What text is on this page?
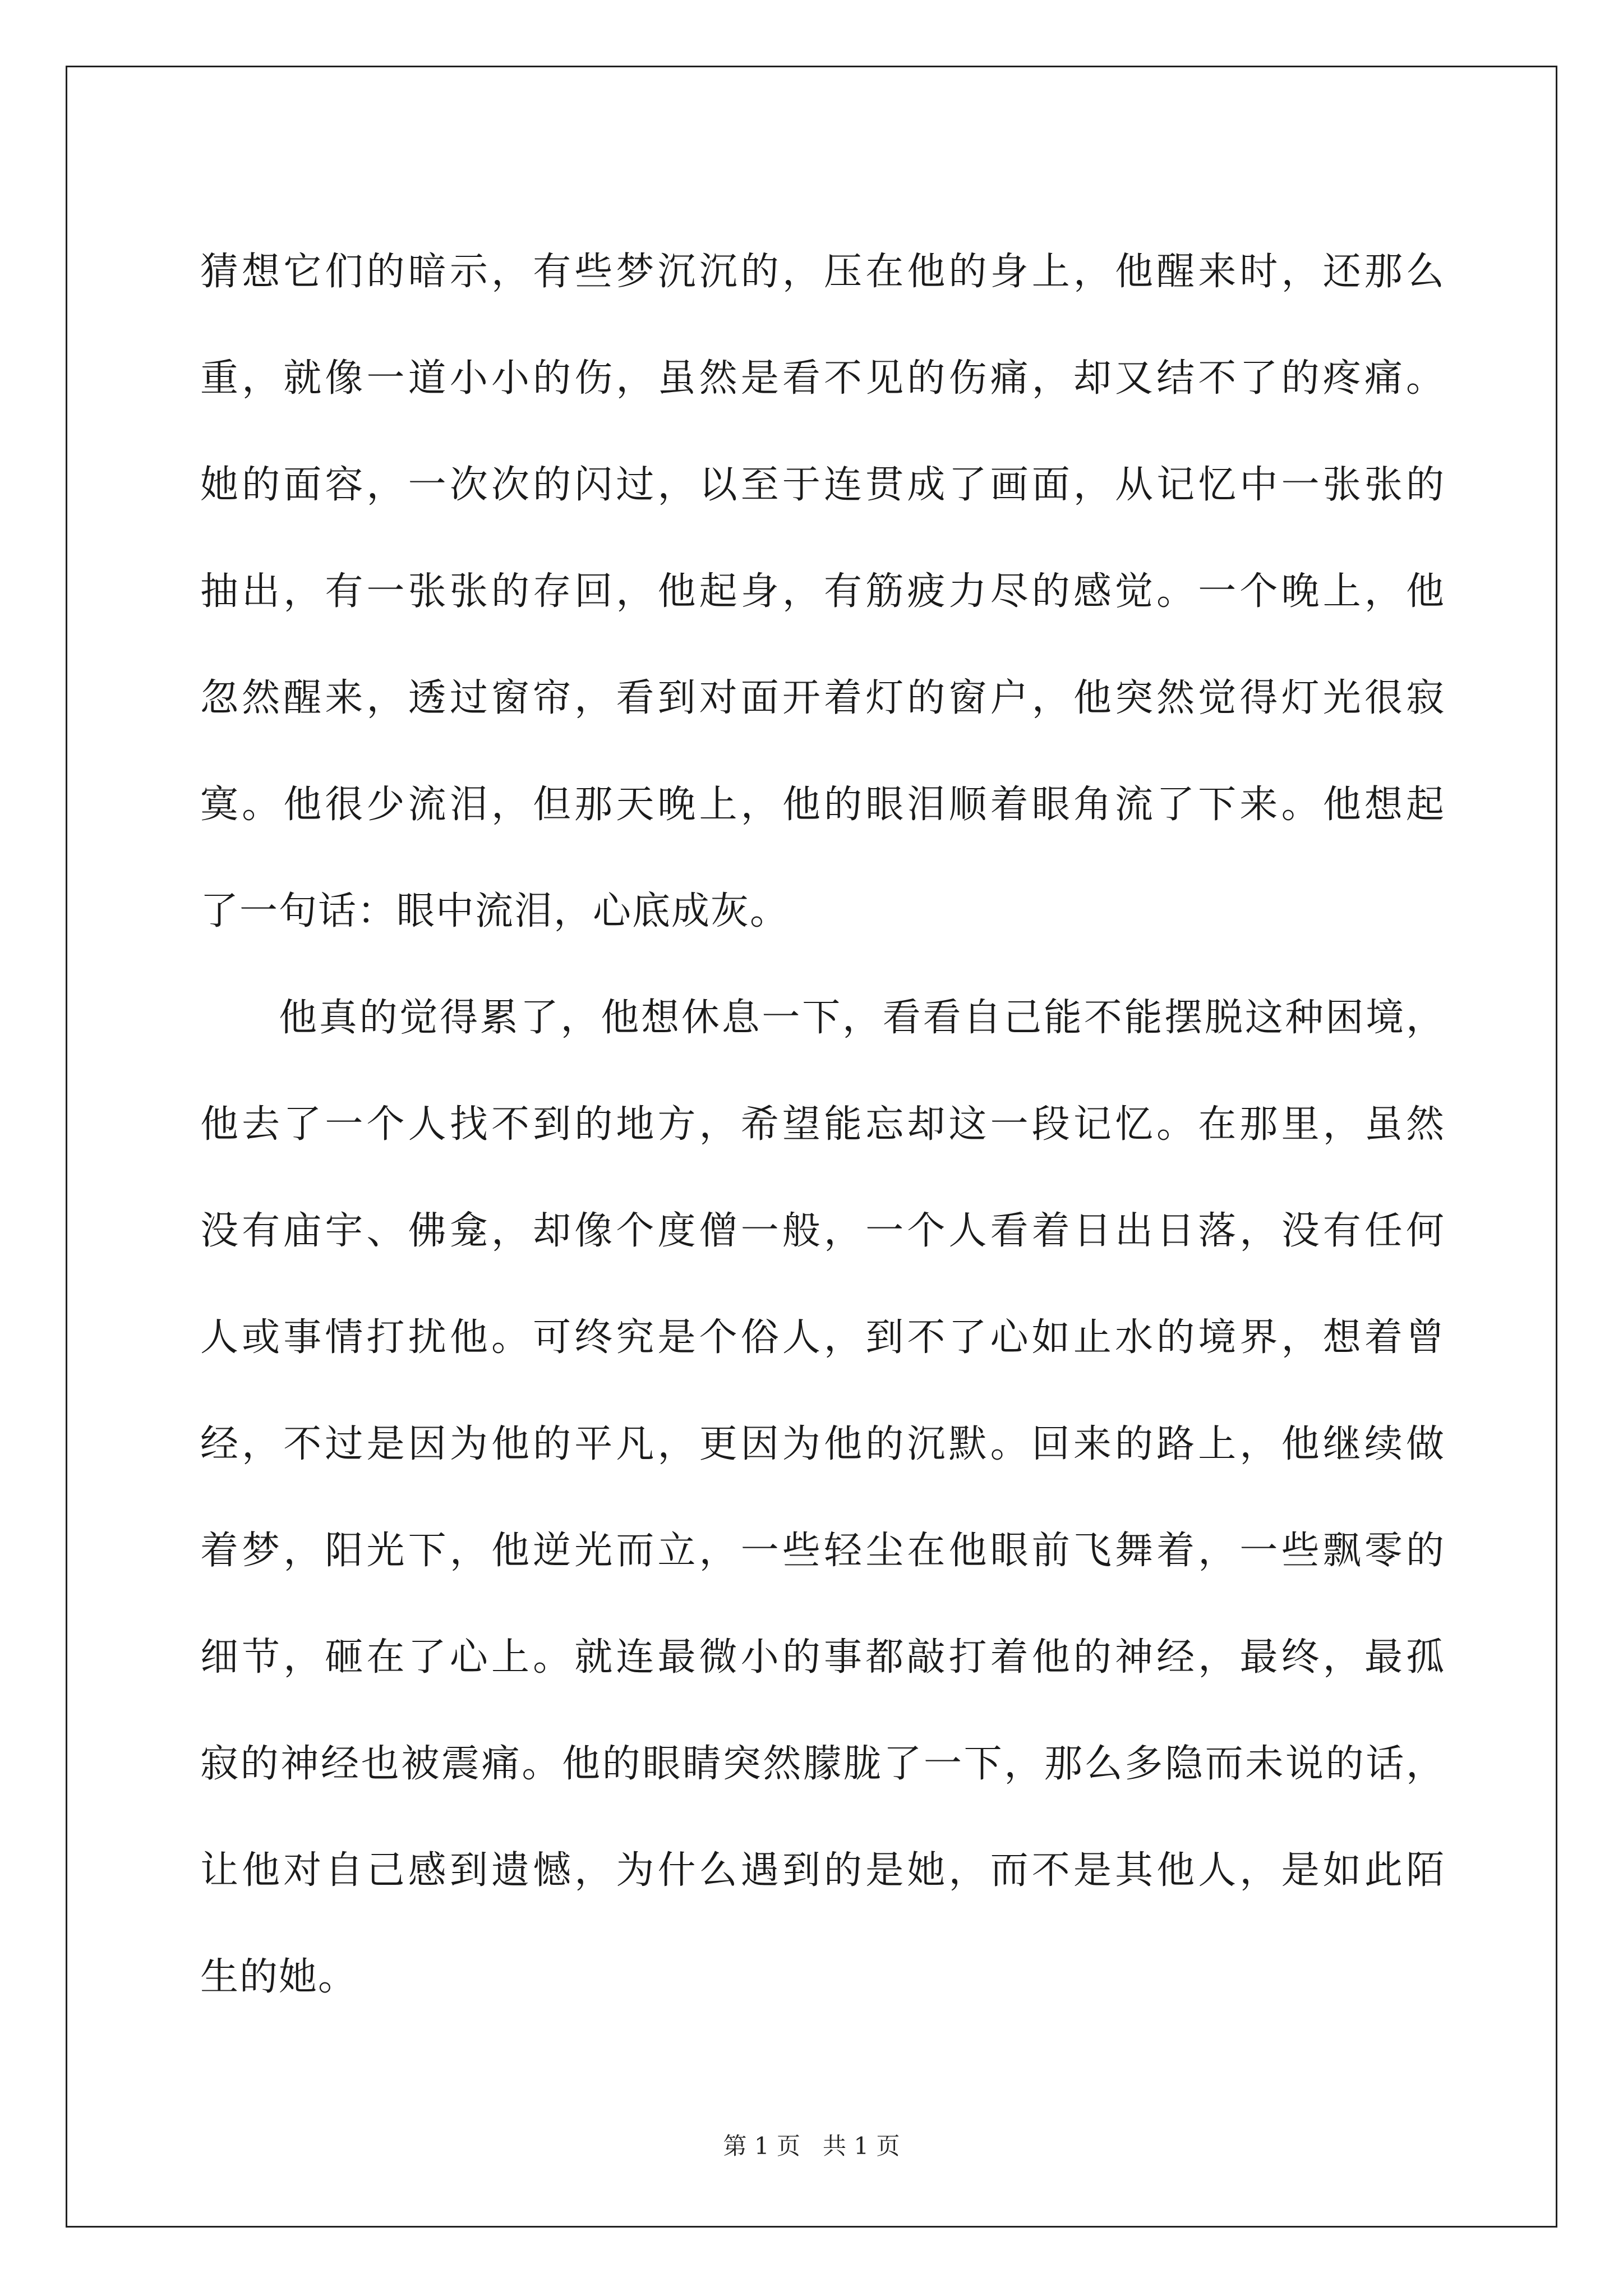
猜想它们的暗示，有些梦沉沉的，压在他的身上，他醒来时，还那么
重，就像一道小小的伤，虽然是看不见的伤痛，却又结不了的疼痛。
她的面容，一次次的闪过，以至于连贯成了画面，从记忆中一张张的
抽出，有一张张的存回，他起身，有筋疲力尽的感觉。一个晚上，他
忽然醒来，透过窗帘，看到对面开着灯的窗户，他突然觉得灯光很寂
寞。他很少流泪，但那天晚上，他的眼泪顺着眼角流了下来。他想起
了一句话：眼中流泪，心底成灰。
他真的觉得累了，他想休息一下，看看自己能不能摆脱这种困境，
他去了一个人找不到的地方，希望能忘却这一段记忆。在那里，虽然
没有庙宇、佛龛，却像个度僧一般，一个人看着日出日落，没有任何
人或事情打扰他。可终究是个俗人，到不了心如止水的境界，想着曾
经，不过是因为他的平凡，更因为他的沉默。回来的路上，他继续做
着梦，阳光下，他逆光而立，一些轻尘在他眼前飞舞着，一些飘零的
细节，砸在了心上。就连最微小的事都敲打着他的神经，最终，最孤
寂的神经也被震痛。他的眼睛突然朦胧了一下，那么多隐而未说的话，
让他对自己感到遗憾，为什么遇到的是她，而不是其他人，是如此陌
生的她。
第 1 页   共 1 页
